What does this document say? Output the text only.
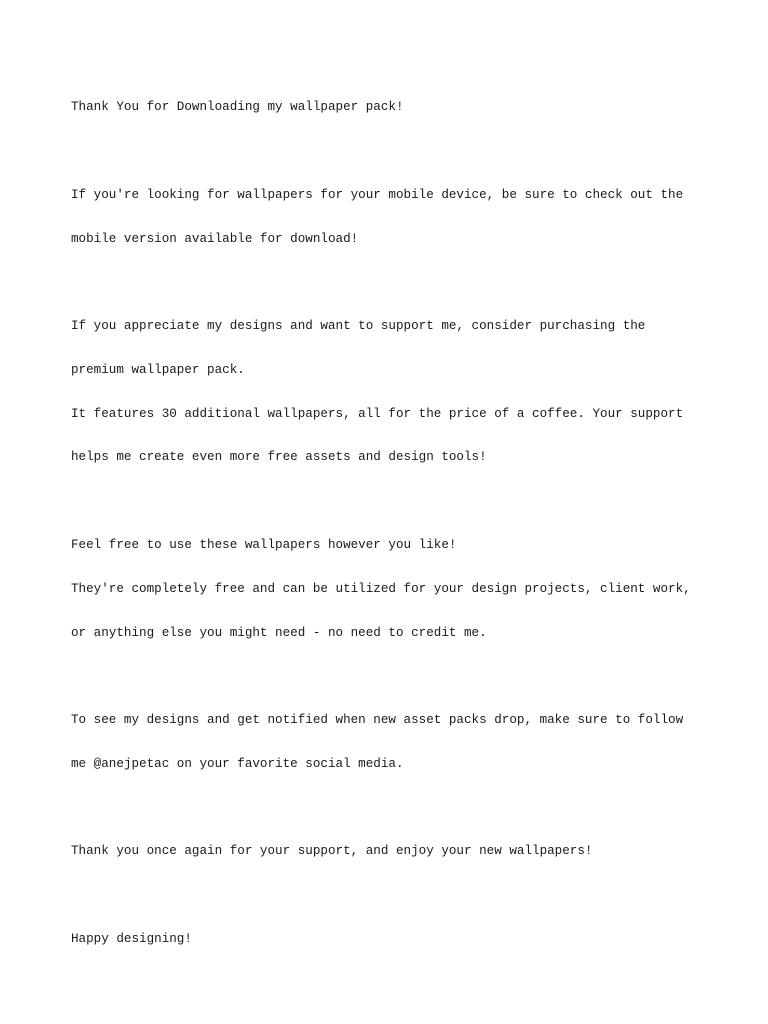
Thank You for Downloading my wallpaper pack!

If you're looking for wallpapers for your mobile device, be sure to check out the

mobile version available for download!

If you appreciate my designs and want to support me, consider purchasing the

premium wallpaper pack.

It features 30 additional wallpapers, all for the price of a coffee. Your support

helps me create even more free assets and design tools!

Feel free to use these wallpapers however you like!

They're completely free and can be utilized for your design projects, client work,

or anything else you might need - no need to credit me.

To see my designs and get notified when new asset packs drop, make sure to follow

me @anejpetac on your favorite social media.

Thank you once again for your support, and enjoy your new wallpapers!

Happy designing!
